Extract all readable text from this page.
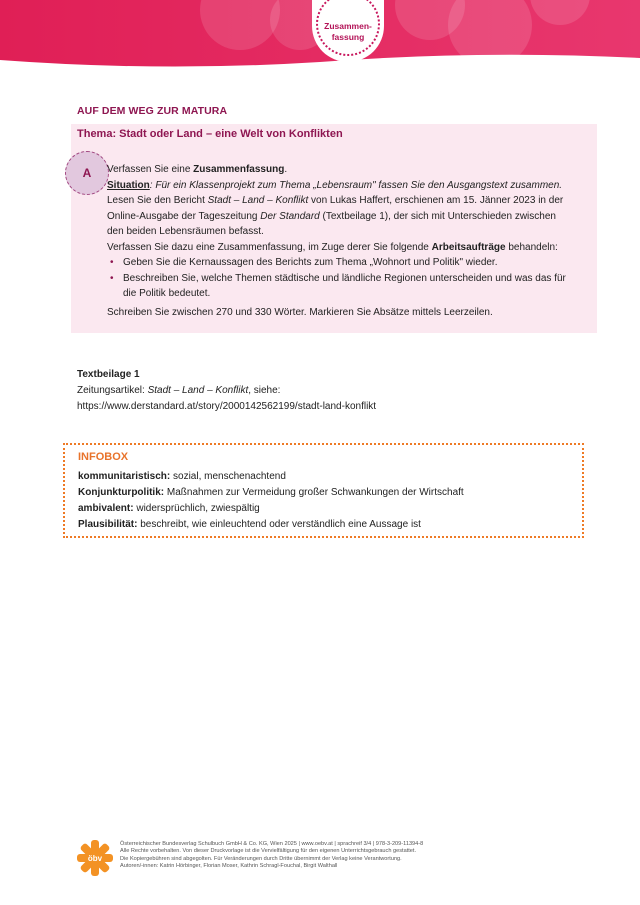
Zusammen-
fassung
AUF DEM WEG ZUR MATURA
Thema: Stadt oder Land – eine Welt von Konflikten
A	Verfassen Sie eine Zusammenfassung.

Situation: Für ein Klassenprojekt zum Thema „Lebensraum" fassen Sie den Ausgangstext zusammen.

Lesen Sie den Bericht Stadt – Land – Konflikt von Lukas Haffert, erschienen am 15. Jänner 2023 in der Online-Ausgabe der Tageszeitung Der Standard (Textbeilage 1), der sich mit Unterschieden zwischen den beiden Lebensräumen befasst.

Verfassen Sie dazu eine Zusammenfassung, im Zuge derer Sie folgende Arbeitsaufträge behandeln:

• Geben Sie die Kernaussagen des Berichts zum Thema „Wohnort und Politik" wieder.
• Beschreiben Sie, welche Themen städtische und ländliche Regionen unterscheiden und was das für die Politik bedeutet.
Schreiben Sie zwischen 270 und 330 Wörter. Markieren Sie Absätze mittels Leerzeilen.
Textbeilage 1
Zeitungsartikel: Stadt – Land – Konflikt, siehe:
https://www.derstandard.at/story/2000142562199/stadt-land-konflikt
INFOBOX
kommunitaristisch: sozial, menschenachtend
Konjunkturpolitik: Maßnahmen zur Vermeidung großer Schwankungen der Wirtschaft
ambivalent: widersprüchlich, zwiespältig
Plausibilität: beschreibt, wie einleuchtend oder verständlich eine Aussage ist
öbv
Österreichischer Bundesverlag Schulbuch GmbH & Co. KG, Wien 2025 | www.oebv.at | sprachreif 3/4 | 978-3-209-11394-8
Alle Rechte vorbehalten. Von dieser Druckvorlage ist die Vervielfältigung für den eigenen Unterrichtsgebrauch gestattet.
Die Kopiergebühren sind abgegolten. Für Veränderungen durch Dritte übernimmt der Verlag keine Verantwortung.
Autoren/-innen: Katrin Hörbinger, Florian Moser, Kathrin Schragl-Fouchal, Birgit Walthall
